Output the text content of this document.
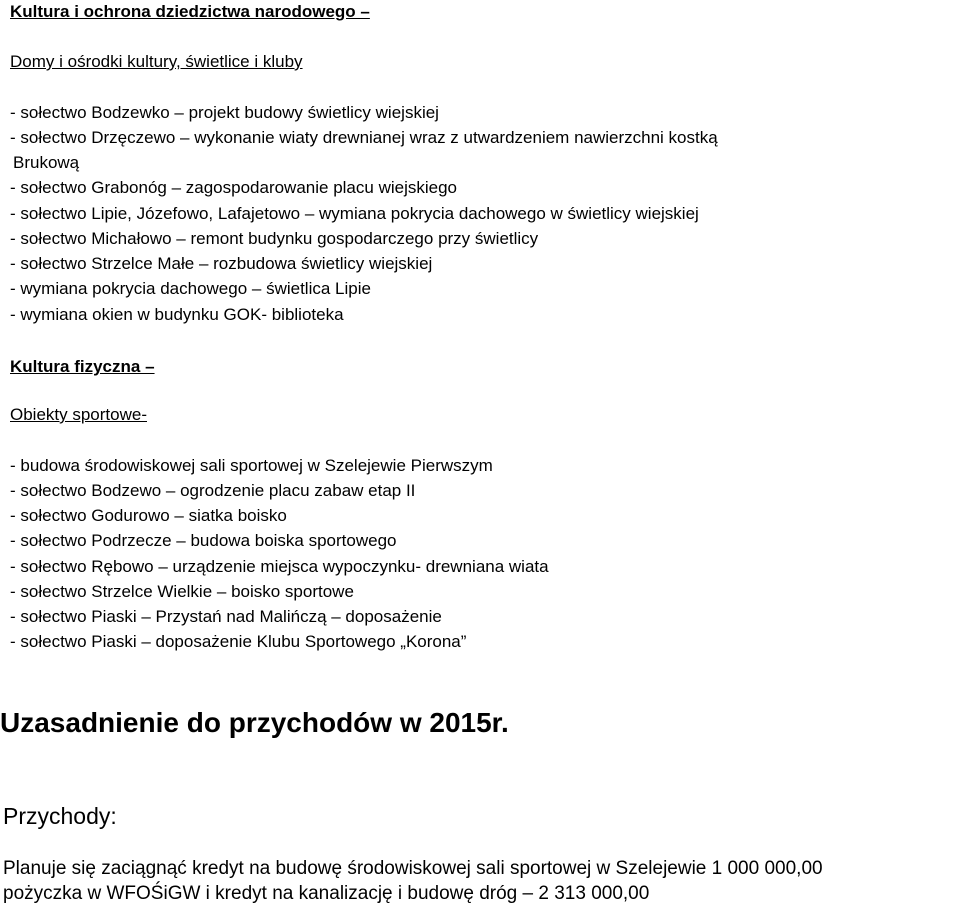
Kultura i ochrona dziedzictwa narodowego –
Domy i ośrodki kultury, świetlice i kluby
- sołectwo Bodzewko – projekt budowy świetlicy wiejskiej
- sołectwo Drzęczewo – wykonanie wiaty drewnianej wraz z utwardzeniem nawierzchni kostką
Brukową
- sołectwo Grabonóg – zagospodarowanie placu wiejskiego
- sołectwo Lipie, Józefowo, Lafajetowo – wymiana pokrycia dachowego w świetlicy wiejskiej
- sołectwo Michałowo – remont budynku gospodarczego przy świetlicy
- sołectwo Strzelce Małe – rozbudowa świetlicy wiejskiej
- wymiana pokrycia dachowego – świetlica Lipie
- wymiana okien w budynku GOK- biblioteka
Kultura fizyczna –
Obiekty sportowe-
- budowa środowiskowej sali sportowej w Szelejewie Pierwszym
- sołectwo Bodzewo – ogrodzenie placu zabaw etap II
- sołectwo Godurowo – siatka boisko
- sołectwo Podrzecze – budowa boiska sportowego
- sołectwo Rębowo – urządzenie miejsca wypoczynku- drewniana wiata
- sołectwo Strzelce Wielkie – boisko sportowe
- sołectwo Piaski – Przystań nad Malińczą – doposażenie
- sołectwo Piaski – doposażenie Klubu Sportowego „Korona”
Uzasadnienie do przychodów w 2015r.
Przychody:
Planuje się zaciągnąć kredyt na budowę środowiskowej sali sportowej w Szelejewie 1 000 000,00
pożyczka w WFOŚiGW i kredyt na kanalizację i budowę dróg – 2 313 000,00
